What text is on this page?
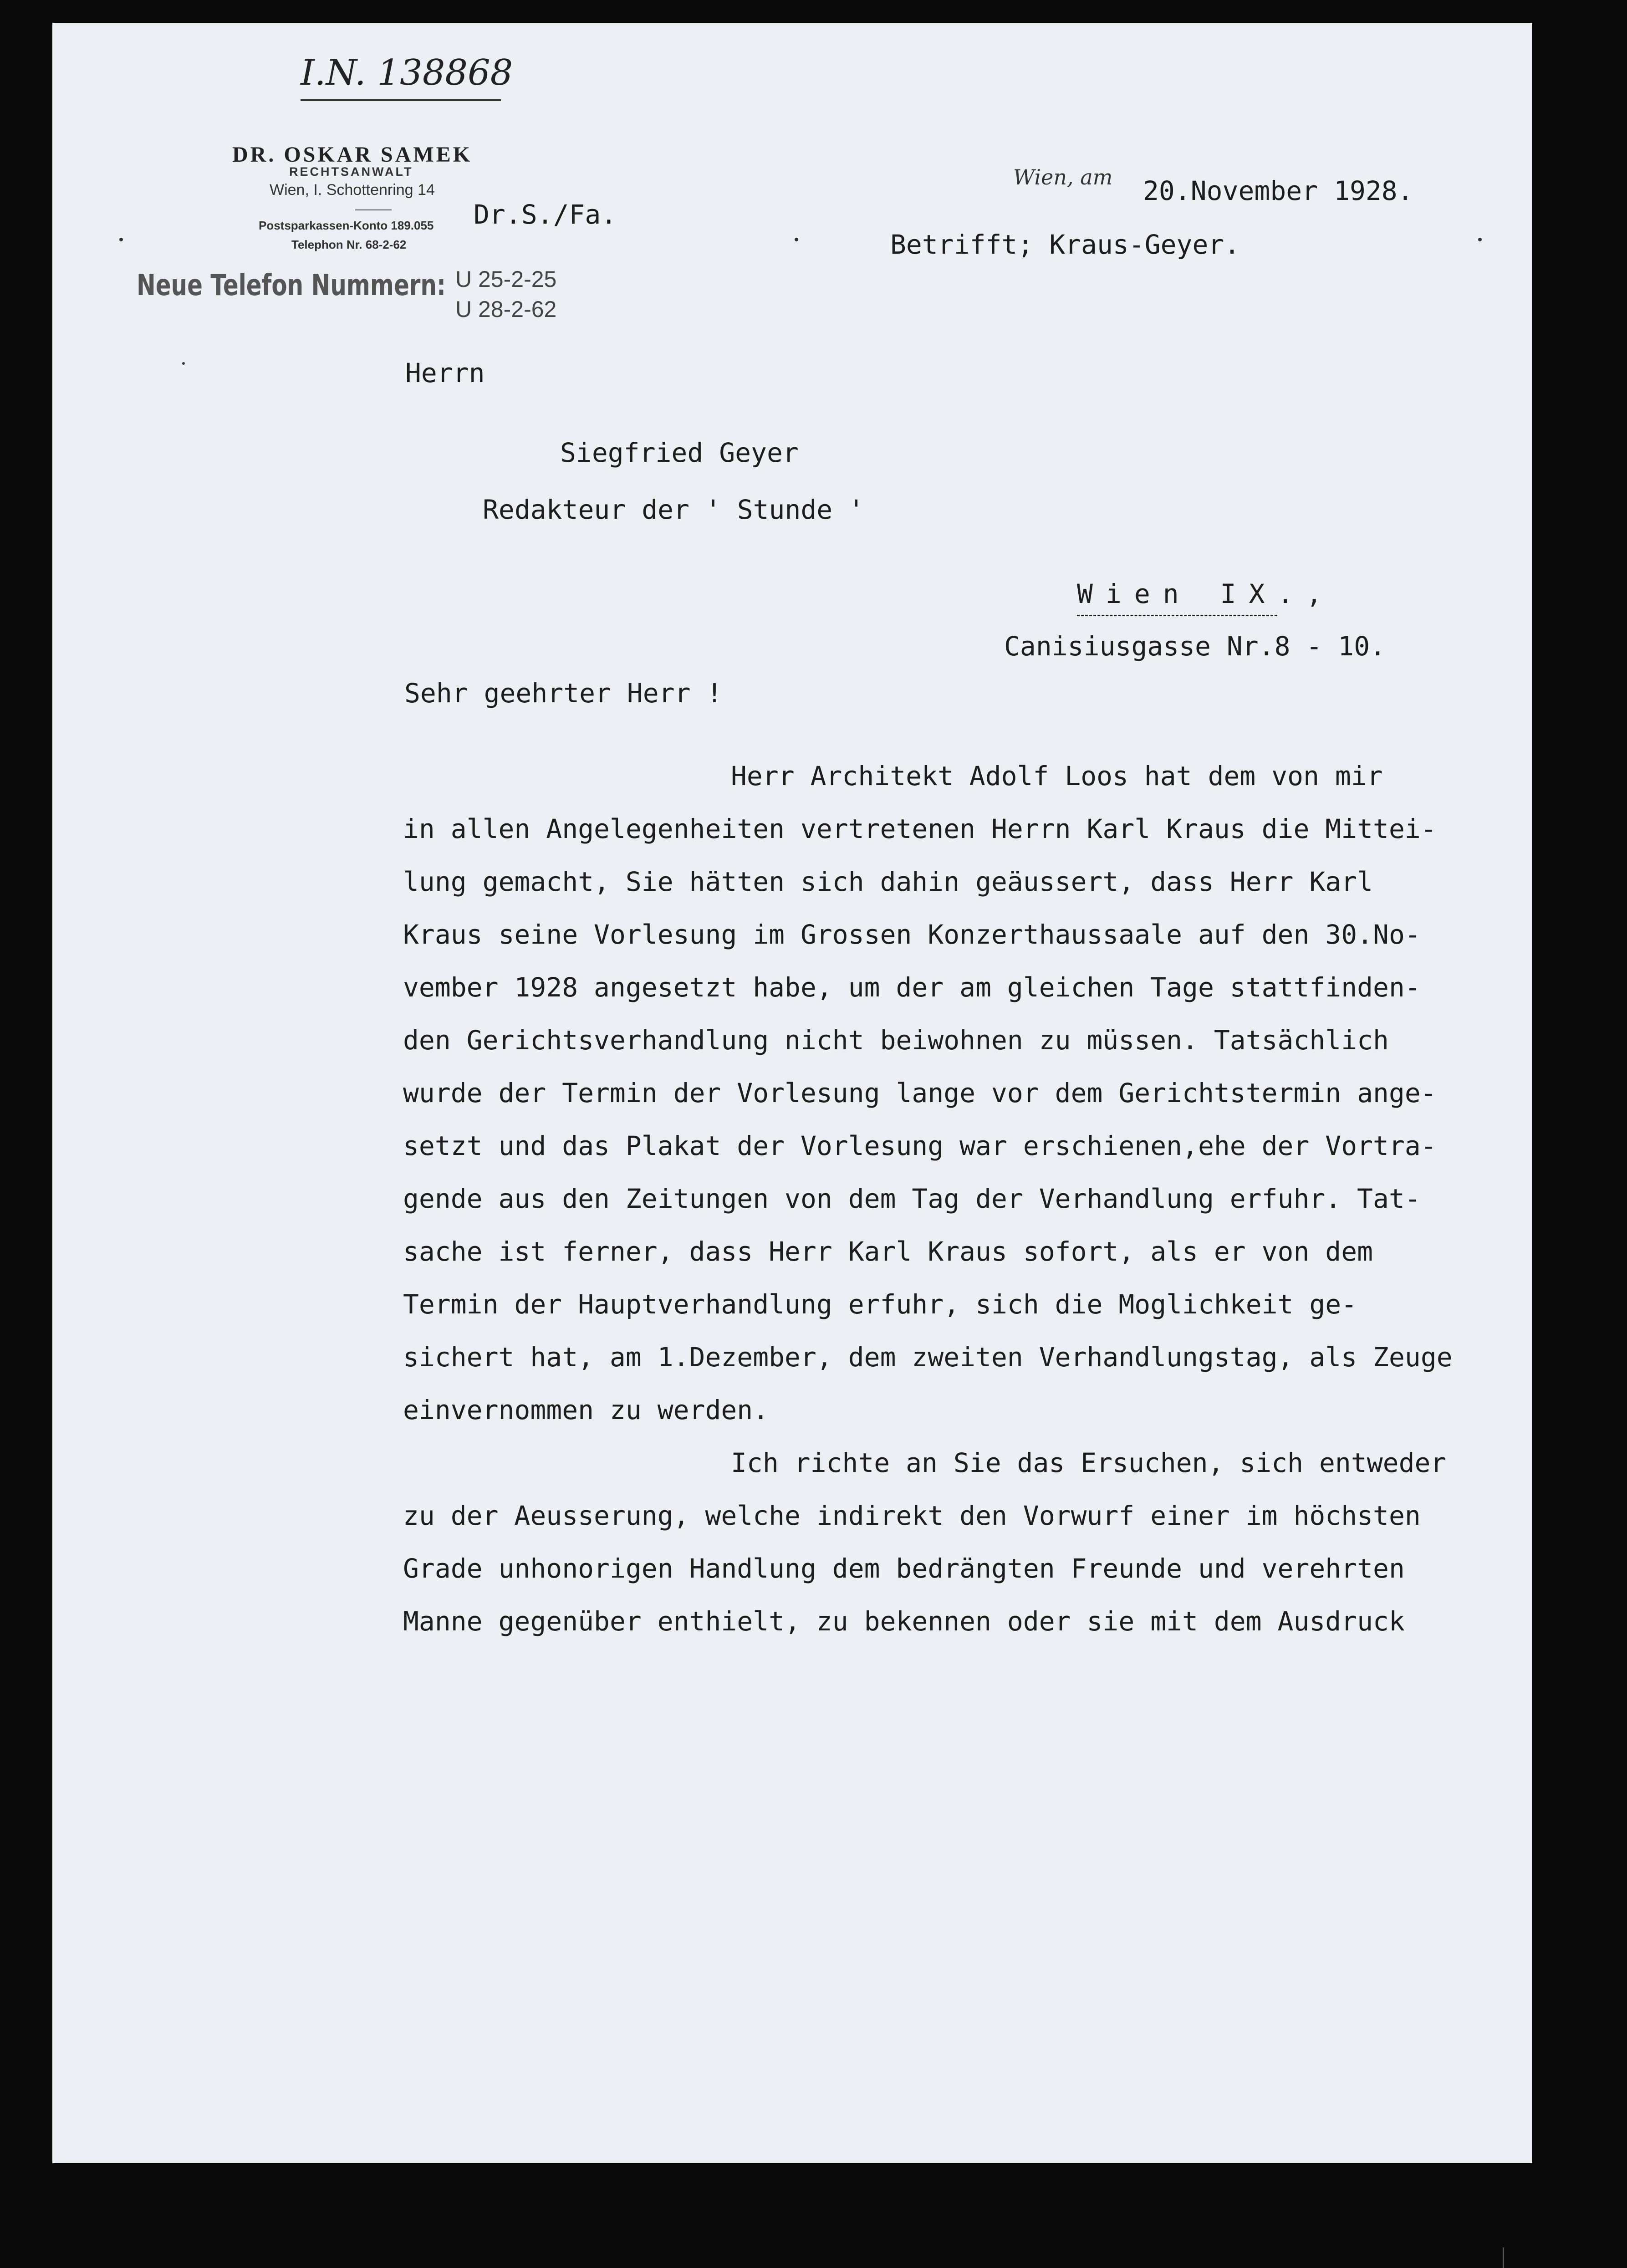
I.N. 138868
DR. OSKAR SAMEK
RECHTSANWALT
Wien, I. Schottenring 14
Postsparkassen-Konto 189.055
Telephon Nr. 68-2-62
Neue Telefon Nummern: U 25-2-25
U 28-2-62
Dr.S./Fa.
Wien, am 20.November 1928.
Betrifft; Kraus-Geyer.
Herrn
Siegfried Geyer
Redakteur der ' Stunde '
Wien IX.,
Canisiusgasse Nr.8 - 10.
Sehr geehrter Herr !
Herr Architekt Adolf Loos hat dem von mir
in allen Angelegenheiten vertretenen Herrn Karl Kraus die Mittei-
lung gemacht, Sie hätten sich dahin geäussert, dass Herr Karl
Kraus seine Vorlesung im Grossen Konzerthaussaale auf den 30.No-
vember 1928 angesetzt habe, um der am gleichen Tage stattfinden-
den Gerichtsverhandlung nicht beiwohnen zu müssen. Tatsächlich
wurde der Termin der Vorlesung lange vor dem Gerichtstermin ange-
setzt und das Plakat der Vorlesung war erschienen,ehe der Vortra-
gende aus den Zeitungen von dem Tag der Verhandlung erfuhr. Tat-
sache ist ferner, dass Herr Karl Kraus sofort, als er von dem
Termin der Hauptverhandlung erfuhr, sich die Moglichkeit ge-
sichert hat, am 1.Dezember, dem zweiten Verhandlungstag, als Zeuge
einvernommen zu werden.
Ich richte an Sie das Ersuchen, sich entweder
zu der Aeusserung, welche indirekt den Vorwurf einer im höchsten
Grade unhonorigen Handlung dem bedrängten Freunde und verehrten
Manne gegenüber enthielt, zu bekennen oder sie mit dem Ausdruck
